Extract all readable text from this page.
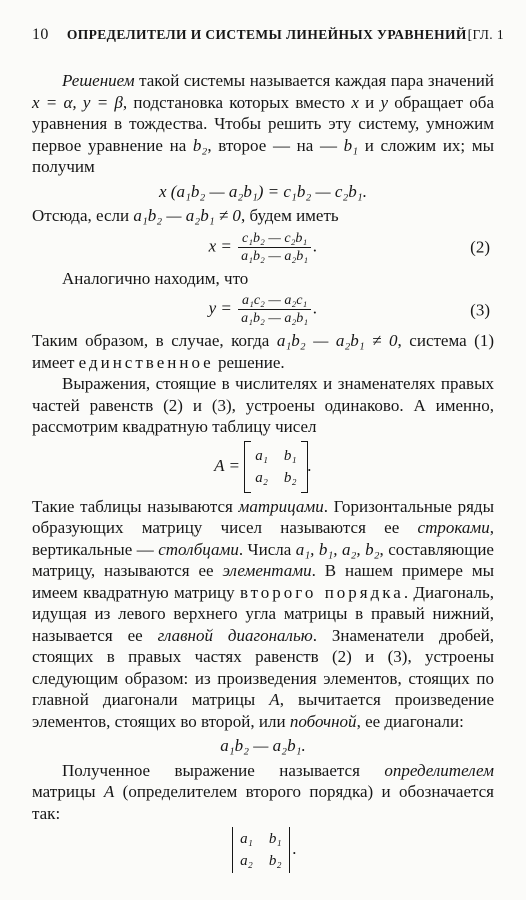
10 ОПРЕДЕЛИТЕЛИ И СИСТЕМЫ ЛИНЕЙНЫХ УРАВНЕНИЙ [ГЛ. 1

Решением такой системы называется каждая пара значений x = α, y = β, подстановка которых вместо x и y обращает оба уравнения в тождества. Чтобы решить эту систему, умножим первое уравнение на b₂, второе — на — b₁ и сложим их; мы получим

x (a₁b₂ — a₂b₁) = c₁b₂ — c₂b₁.

Отсюда, если a₁b₂ — a₂b₁ ≠ 0, будем иметь

$x = \frac{\text{c₁b₂ — c₂b₁}}{\text{a₁b₂ — a₂b₁}}$ .	(2)

Аналогично находим, что

$y = \frac{\text{a₁c₂ — a₂c₁}}{\text{a₁b₂ — a₂b₁}}$ .	(3)

Таким образом, в случае, когда a₁b₂ — a₂b₁ ≠ 0, система (1) имеет единственное решение.

Выражения, стоящие в числителях и знаменателях правых частей равенств (2) и (3), устроены одинаково. А именно, рассмотрим квадратную таблицу чисел

A = a₁ b₁
a₂ b₂
.

Такие таблицы называются матрицами. Горизонтальные ряды образующих матрицу чисел называются ее строками, вертикальные — столбцами. Числа a₁, b₁, a₂, b₂, составляющие матрицу, называются ее элементами. В нашем примере мы имеем квадратную матрицу второго порядка. Диагональ, идущая из левого верхнего угла матрицы в правый нижний, называется ее главной диагональю. Знаменатели дробей, стоящих в правых частях равенств (2) и (3), устроены следующим образом: из произведения элементов, стоящих по главной диагонали матрицы A, вычитается произведение элементов, стоящих во второй, или побочной, ее диагонали:

a₁b₂ — a₂b₁.

Полученное выражение называется определителем матрицы A (определителем второго порядка) и обозначается так:

a₁ b₁
a₂ b₂
.
